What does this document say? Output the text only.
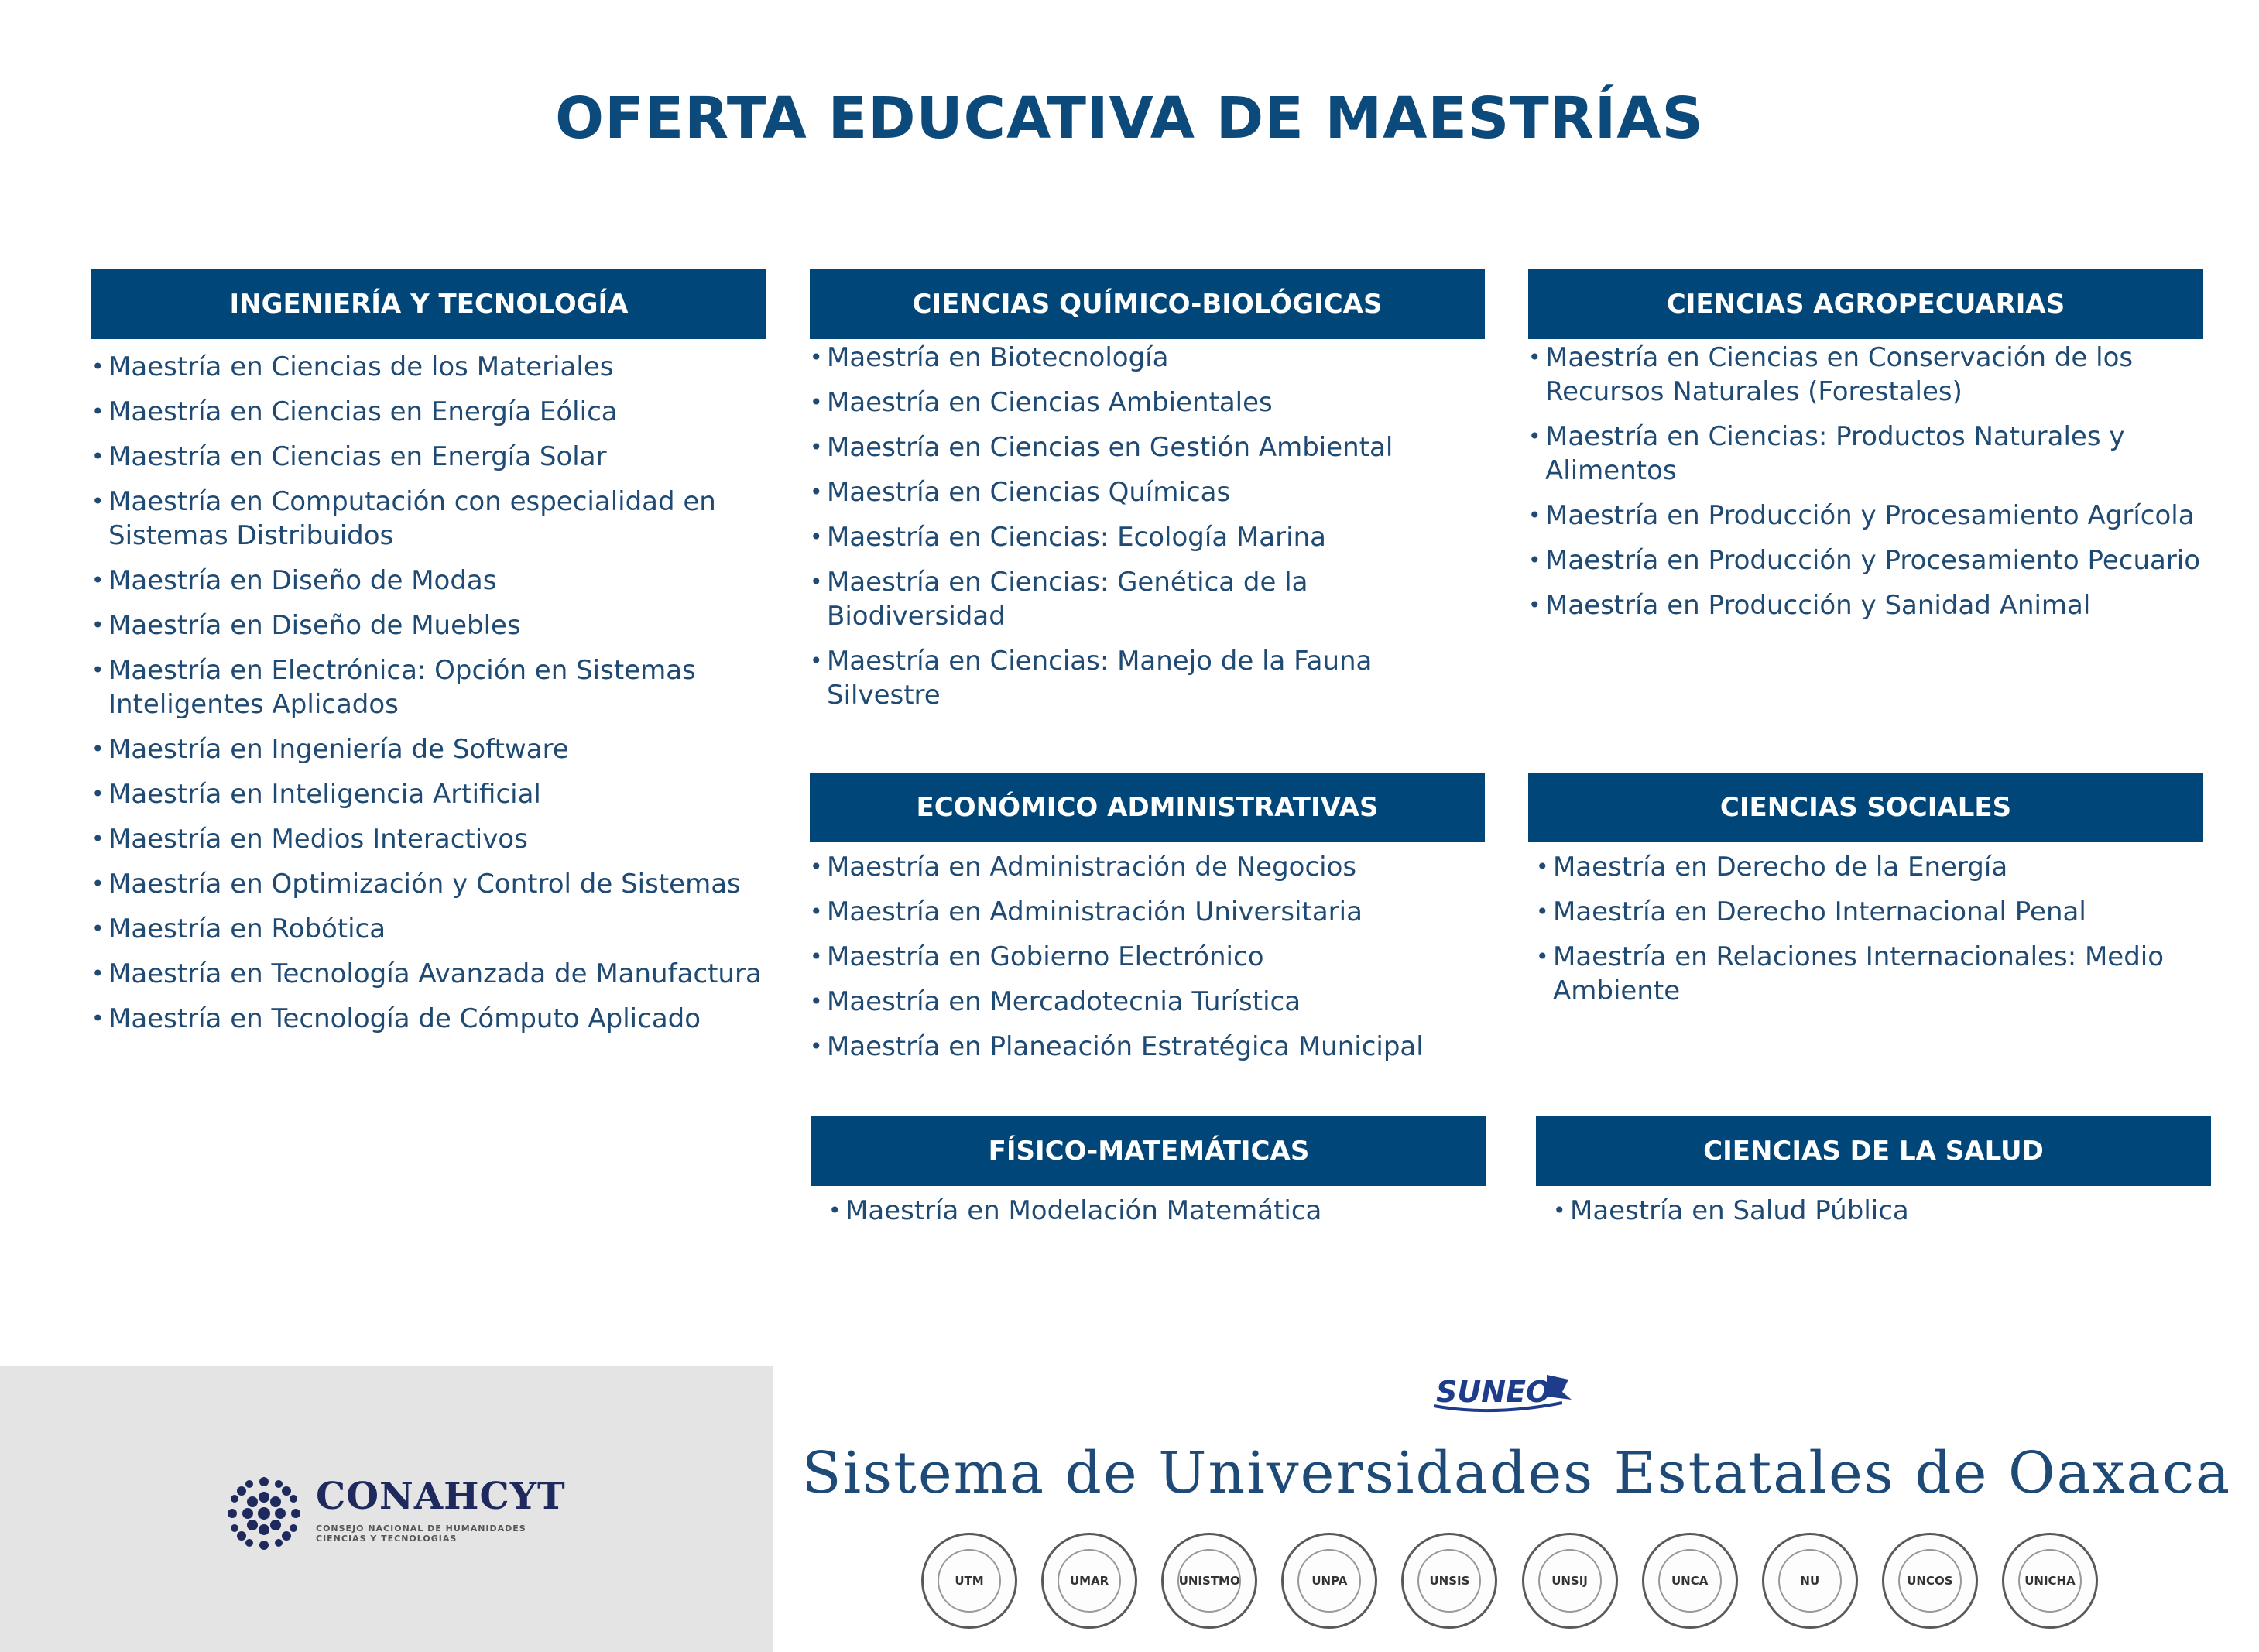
OFERTA EDUCATIVA DE MAESTRÍAS
INGENIERÍA Y TECNOLOGÍA
• Maestría en Ciencias de los Materiales
• Maestría en Ciencias en Energía Eólica
• Maestría en Ciencias en Energía Solar
• Maestría en Computación con especialidad en
Sistemas Distribuidos
• Maestría en Diseño de Modas
• Maestría en Diseño de Muebles
• Maestría en Electrónica: Opción en Sistemas
Inteligentes Aplicados
• Maestría en Ingeniería de Software
• Maestría en Inteligencia Artificial
• Maestría en Medios Interactivos
• Maestría en Optimización y Control de Sistemas
• Maestría en Robótica
• Maestría en Tecnología Avanzada de Manufactura
• Maestría en Tecnología de Cómputo Aplicado
CIENCIAS QUÍMICO-BIOLÓGICAS
• Maestría en Biotecnología
• Maestría en Ciencias Ambientales
• Maestría en Ciencias en Gestión Ambiental
• Maestría en Ciencias Químicas
• Maestría en Ciencias: Ecología Marina
• Maestría en Ciencias: Genética de la Biodiversidad
• Maestría en Ciencias: Manejo de la Fauna Silvestre
CIENCIAS AGROPECUARIAS
• Maestría en Ciencias en Conservación de los
Recursos Naturales (Forestales)
• Maestría en Ciencias: Productos Naturales y
Alimentos
• Maestría en Producción y Procesamiento Agrícola
• Maestría en Producción y Procesamiento Pecuario
• Maestría en Producción y Sanidad Animal
ECONÓMICO ADMINISTRATIVAS
• Maestría en Administración de Negocios
• Maestría en Administración Universitaria
• Maestría en Gobierno Electrónico
• Maestría en Mercadotecnia Turística
• Maestría en Planeación Estratégica Municipal
CIENCIAS SOCIALES
• Maestría en Derecho de la Energía
• Maestría en Derecho Internacional Penal
• Maestría en Relaciones Internacionales: Medio
Ambiente
FÍSICO-MATEMÁTICAS
• Maestría en Modelación Matemática
CIENCIAS DE LA SALUD
• Maestría en Salud Pública
CONAHCYT
CONSEJO NACIONAL DE HUMANIDADES
CIENCIAS Y TECNOLOGÍAS
SUNEO
Sistema de Universidades Estatales de Oaxaca
UTM	UMAR	UNISTMO	UNPA	UNSIS	UNSIJ	UNCA	NU	UNCOS	UNICHA
